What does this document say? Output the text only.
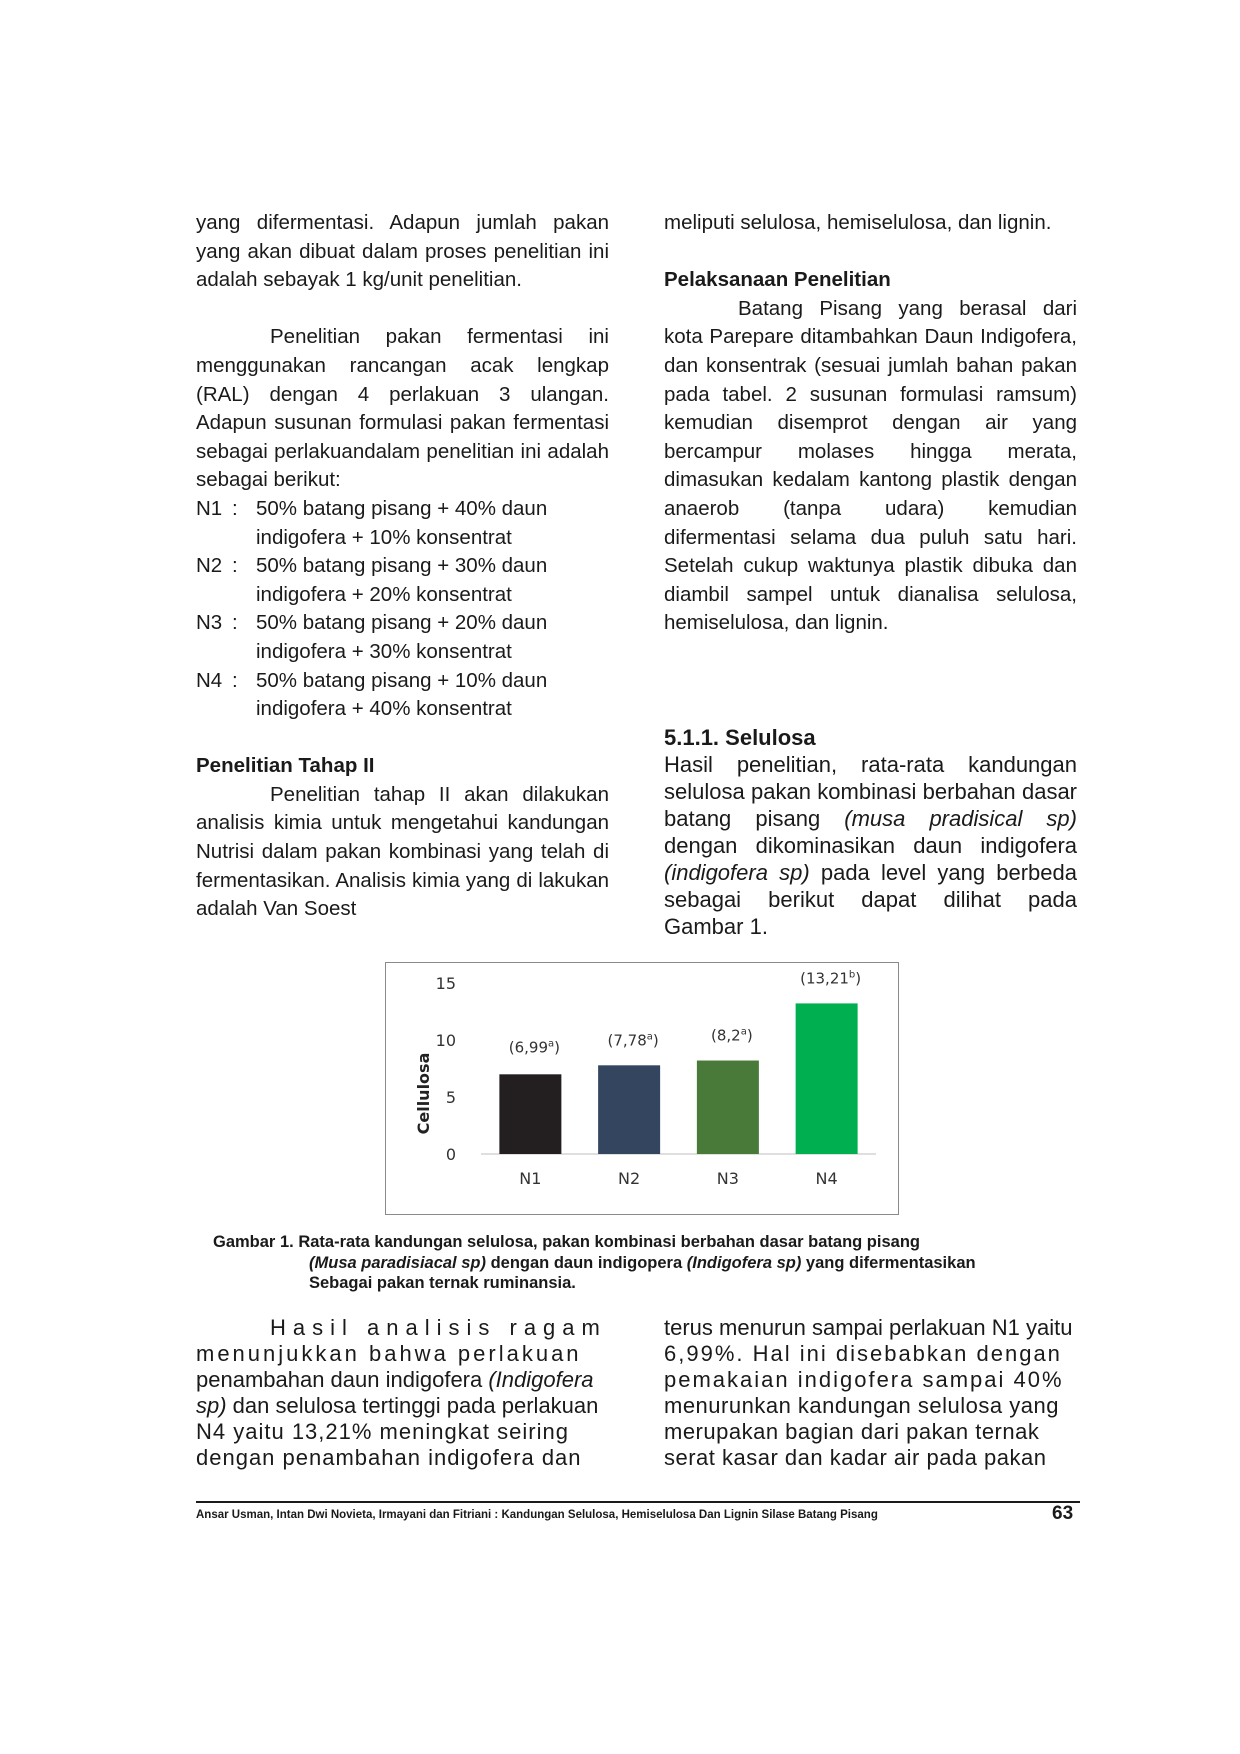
yang difermentasi. Adapun jumlah pakan yang akan dibuat dalam proses penelitian ini adalah sebayak 1 kg/unit penelitian.

Penelitian pakan fermentasi ini menggunakan rancangan acak lengkap (RAL) dengan 4 perlakuan 3 ulangan. Adapun susunan formulasi pakan fermentasi sebagai perlakuandalam penelitian ini adalah sebagai berikut:

N1 : 50% batang pisang + 40% daun

indigofera + 10% konsentrat

N2 : 50% batang pisang + 30% daun

indigofera + 20% konsentrat

N3 : 50% batang pisang + 20% daun

indigofera + 30% konsentrat

N4 : 50% batang pisang + 10% daun

indigofera + 40% konsentrat

Penelitian Tahap II

Penelitian tahap II akan dilakukan analisis kimia untuk mengetahui kandungan Nutrisi dalam pakan kombinasi yang telah di fermentasikan. Analisis kimia yang di lakukan adalah Van Soest

meliputi selulosa, hemiselulosa, dan lignin.

Pelaksanaan Penelitian

Batang Pisang yang berasal dari kota Parepare ditambahkan Daun Indigofera, dan konsentrak (sesuai jumlah bahan pakan pada tabel. 2 susunan formulasi ramsum) kemudian disemprot dengan air yang bercampur molases hingga merata, dimasukan kedalam kantong plastik dengan anaerob (tanpa udara) kemudian difermentasi selama dua puluh satu hari. Setelah cukup waktunya plastik dibuka dan diambil sampel untuk dianalisa selulosa, hemiselulosa, dan lignin.

5.1.1. Selulosa

Hasil penelitian, rata-rata kandungan selulosa pakan kombinasi berbahan dasar batang pisang (musa pradisical sp) dengan dikominasikan daun indigofera (indigofera sp) pada level yang berbeda sebagai berikut dapat dilihat pada Gambar 1.

0
5
10
15
Cellulosa
(6,99$^a$)
N1
(7,78$^a$)
N2
(8,2$^a$)
N3
(13,21$^b$)
N4

Gambar 1. Rata-rata kandungan selulosa, pakan kombinasi berbahan dasar batang pisang

(Musa paradisiacal sp) dengan daun indigopera (Indigofera sp) yang difermentasikan

Sebagai pakan ternak ruminansia.

Hasil analisis ragam

menunjukkan bahwa perlakuan

penambahan daun indigofera (Indigofera

sp) dan selulosa tertinggi pada perlakuan

N4 yaitu 13,21% meningkat seiring

dengan penambahan indigofera dan

terus menurun sampai perlakuan N1 yaitu

6,99%. Hal ini disebabkan dengan

pemakaian indigofera sampai 40%

menurunkan kandungan selulosa yang

merupakan bagian dari pakan ternak

serat kasar dan kadar air pada pakan

Ansar Usman, Intan Dwi Novieta, Irmayani dan Fitriani : Kandungan Selulosa, Hemiselulosa Dan Lignin Silase Batang Pisang	63
